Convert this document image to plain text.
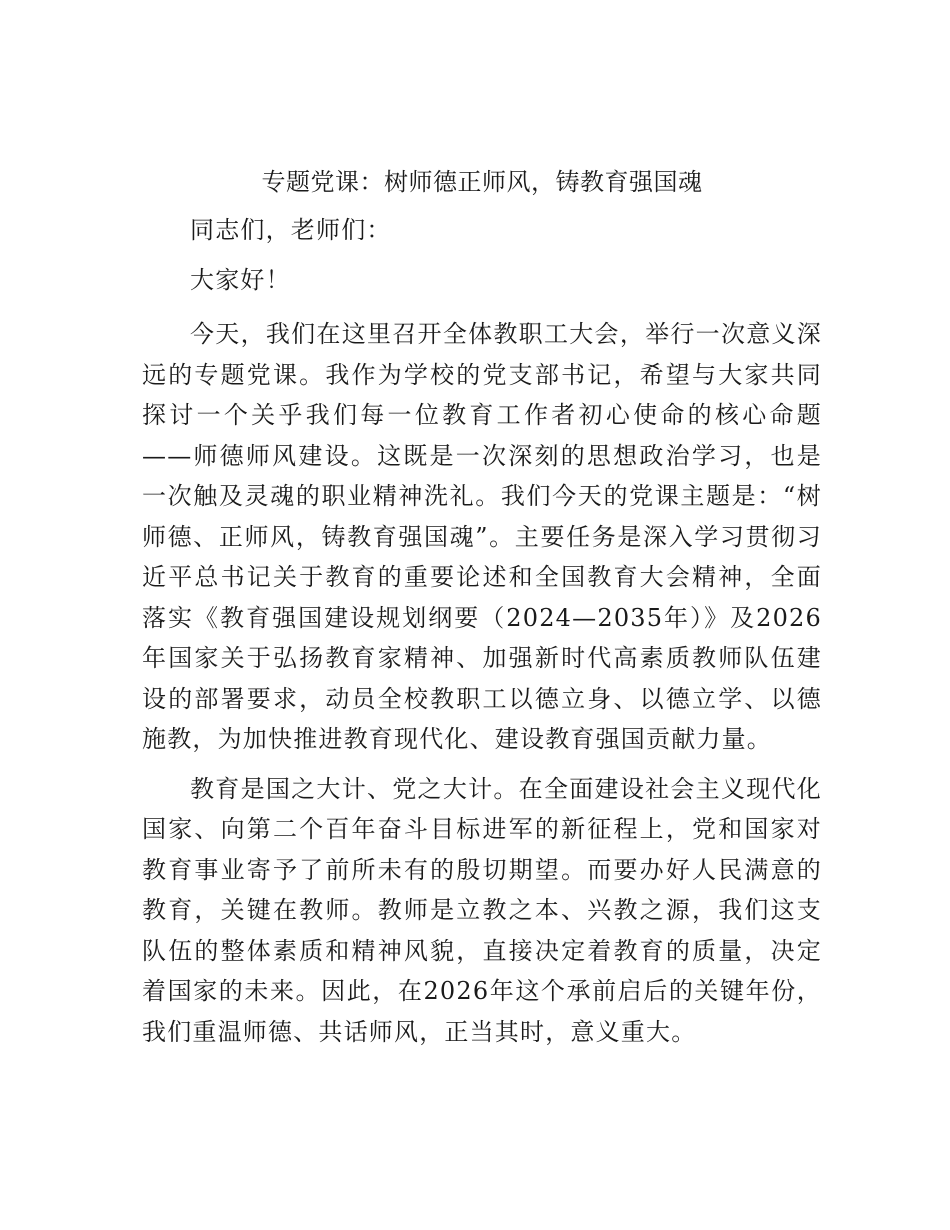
专题党课：树师德正师风，铸教育强国魂

同志们，老师们：

大家好！

今天，我们在这里召开全体教职工大会，举行一次意义深远的专题党课。我作为学校的党支部书记，希望与大家共同探讨一个关乎我们每一位教育工作者初心使命的核心命题——师德师风建设。这既是一次深刻的思想政治学习，也是一次触及灵魂的职业精神洗礼。我们今天的党课主题是：“树师德、正师风，铸教育强国魂”。主要任务是深入学习贯彻习近平总书记关于教育的重要论述和全国教育大会精神，全面落实《教育强国建设规划纲要（2024—2035年）》及2026年国家关于弘扬教育家精神、加强新时代高素质教师队伍建设的部署要求，动员全校教职工以德立身、以德立学、以德施教，为加快推进教育现代化、建设教育强国贡献力量。

教育是国之大计、党之大计。在全面建设社会主义现代化国家、向第二个百年奋斗目标进军的新征程上，党和国家对教育事业寄予了前所未有的殷切期望。而要办好人民满意的教育，关键在教师。教师是立教之本、兴教之源，我们这支队伍的整体素质和精神风貌，直接决定着教育的质量，决定着国家的未来。因此，在2026年这个承前启后的关键年份，我们重温师德、共话师风，正当其时，意义重大。
